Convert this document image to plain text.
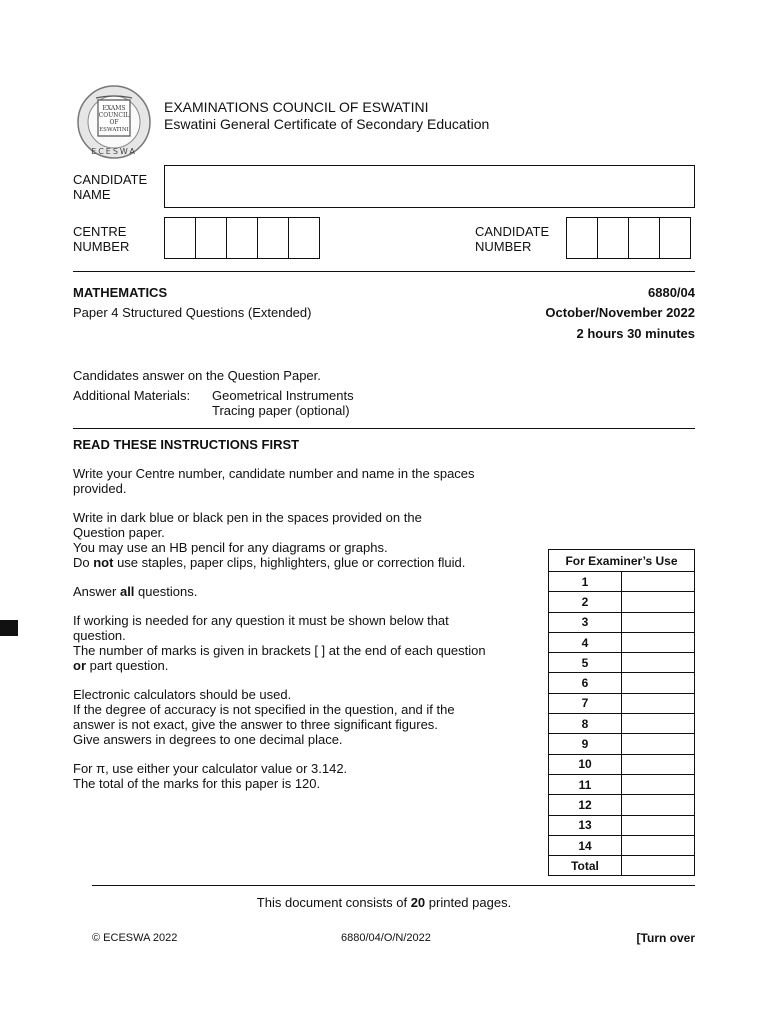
EXAMS
COUNCIL
OF
ESWATINI
ECESWA
EXAMINATIONS COUNCIL OF ESWATINI
Eswatini General Certificate of Secondary Education
CANDIDATE
NAME
CENTRE
NUMBER
CANDIDATE
NUMBER
MATHEMATICS	6880/04
Paper 4 Structured Questions (Extended)	October/November 2022
2 hours 30 minutes
Candidates answer on the Question Paper.
Additional Materials: Geometrical Instruments
Tracing paper (optional)
READ THESE INSTRUCTIONS FIRST
Write your Centre number, candidate number and name in the spaces
provided.
Write in dark blue or black pen in the spaces provided on the
Question paper.
You may use an HB pencil for any diagrams or graphs.
Do not use staples, paper clips, highlighters, glue or correction fluid.
Answer all questions.
If working is needed for any question it must be shown below that
question.
The number of marks is given in brackets [ ] at the end of each question
or part question.
Electronic calculators should be used.
If the degree of accuracy is not specified in the question, and if the
answer is not exact, give the answer to three significant figures.
Give answers in degrees to one decimal place.
For π, use either your calculator value or 3.142.
The total of the marks for this paper is 120.
For Examiner’s Use	
1	
2	
3	
4	
5	
6	
7	
8	
9	
10	
11	
12	
13	
14	
Total	
This document consists of 20 printed pages.
© ECESWA 2022	6880/04/O/N/2022	[Turn over
